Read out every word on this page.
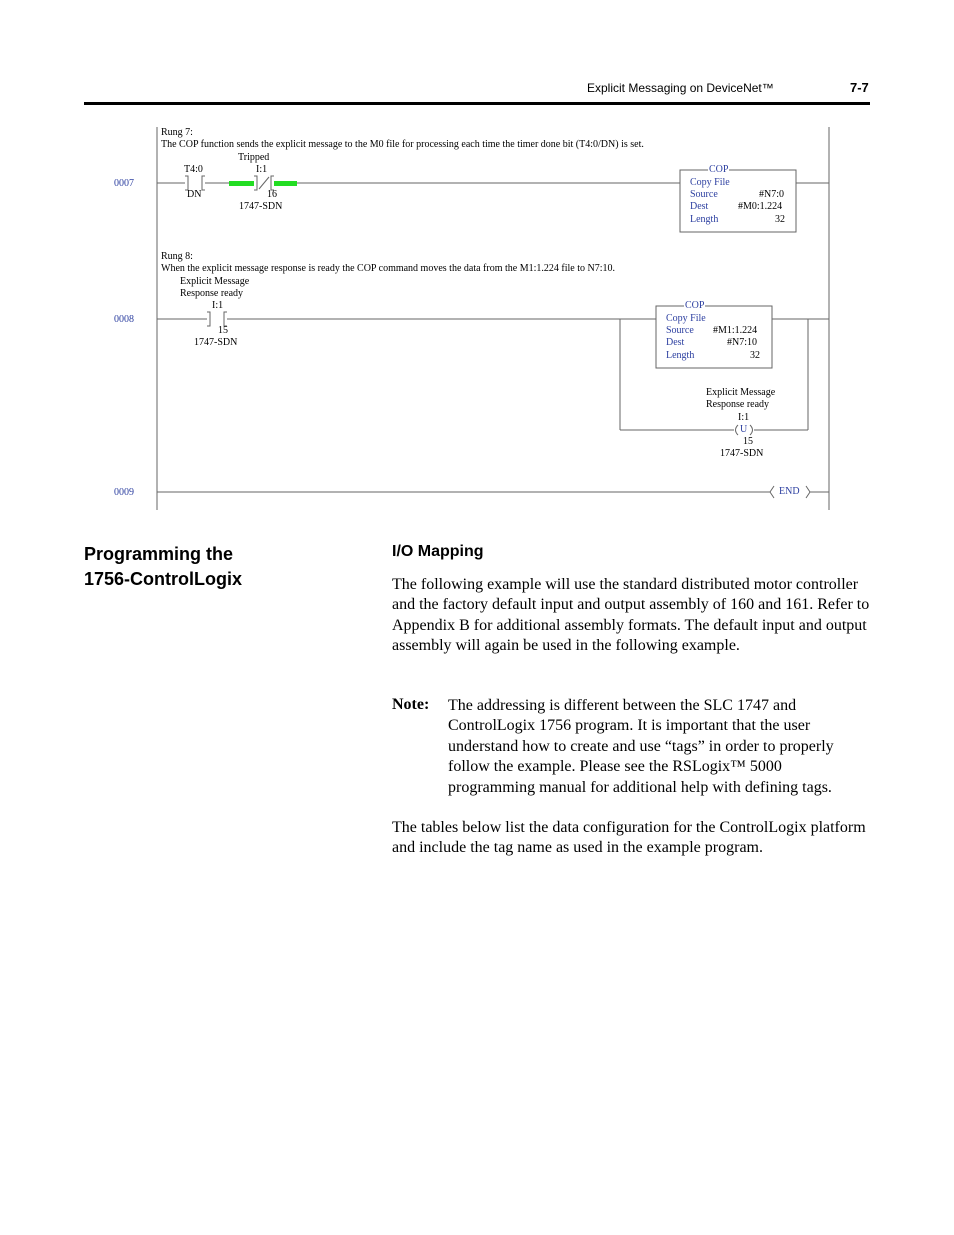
Explicit Messaging on DeviceNet™	7-7
0007
0008
0009
Rung 7:
The COP function sends the explicit message to the M0 file for processing each time the timer done bit (T4:0/DN) is set.
T4:0
DN
Tripped
I:1
16
1747-SDN
COP
Copy File
Source	#N7:0
Dest	#M0:1.224
Length	32
Rung 8:
When the explicit message response is ready the COP command moves the data from the M1:1.224 file to N7:10.
Explicit Message
Response ready
I:1
15
1747-SDN
COP
Copy File
Source #M1:1.224
Dest	#N7:10
Length	32
Explicit Message
Response ready
I:1
U
15
1747-SDN
END
Programming the
1756-ControlLogix
I/O Mapping
The following example will use the standard distributed motor controller and the factory default input and output assembly of 160 and 161. Refer to Appendix B for additional assembly formats. The default input and output assembly will again be used in the following example.
Note: The addressing is different between the SLC 1747 and ControlLogix 1756 program. It is important that the user understand how to create and use “tags” in order to properly follow the example. Please see the RSLogix™ 5000 programming manual for additional help with defining tags.
The tables below list the data configuration for the ControlLogix platform and include the tag name as used in the example program.
